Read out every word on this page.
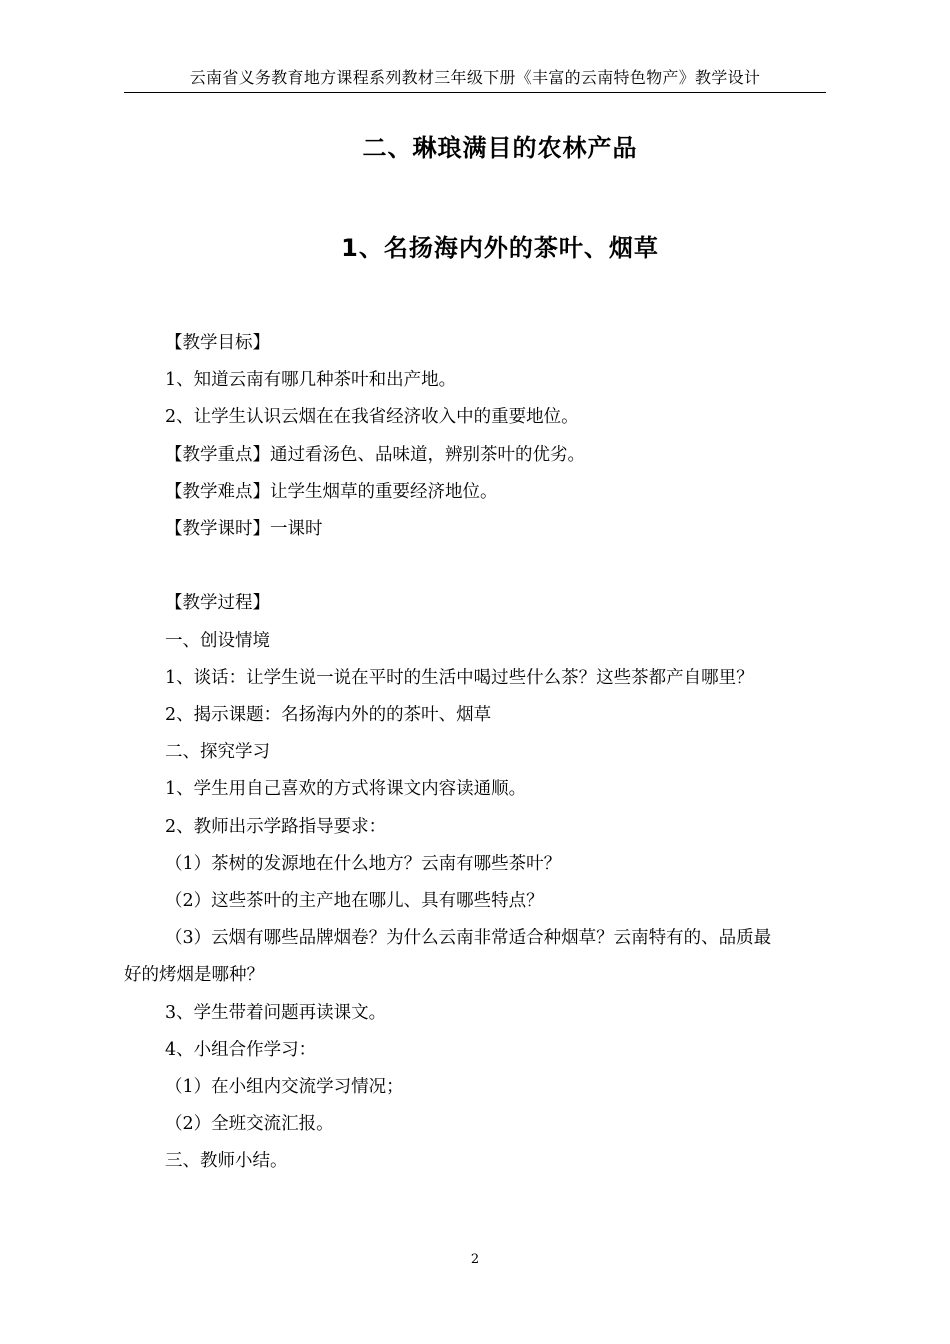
云南省义务教育地方课程系列教材三年级下册《丰富的云南特色物产》教学设计
二、琳琅满目的农林产品
1、名扬海内外的茶叶、烟草
【教学目标】
1、知道云南有哪几种茶叶和出产地。
2、让学生认识云烟在在我省经济收入中的重要地位。
【教学重点】通过看汤色、品味道，辨别茶叶的优劣。
【教学难点】让学生烟草的重要经济地位。
【教学课时】一课时
【教学过程】
一、创设情境
1、谈话：让学生说一说在平时的生活中喝过些什么茶？这些茶都产自哪里？
2、揭示课题：名扬海内外的的茶叶、烟草
二、探究学习
1、学生用自己喜欢的方式将课文内容读通顺。
2、教师出示学路指导要求：
（1）茶树的发源地在什么地方？云南有哪些茶叶？
（2）这些茶叶的主产地在哪儿、具有哪些特点？
（3）云烟有哪些品牌烟卷？为什么云南非常适合种烟草？云南特有的、品质最
好的烤烟是哪种？
3、学生带着问题再读课文。
4、小组合作学习：
（1）在小组内交流学习情况；
（2）全班交流汇报。
三、教师小结。
2
